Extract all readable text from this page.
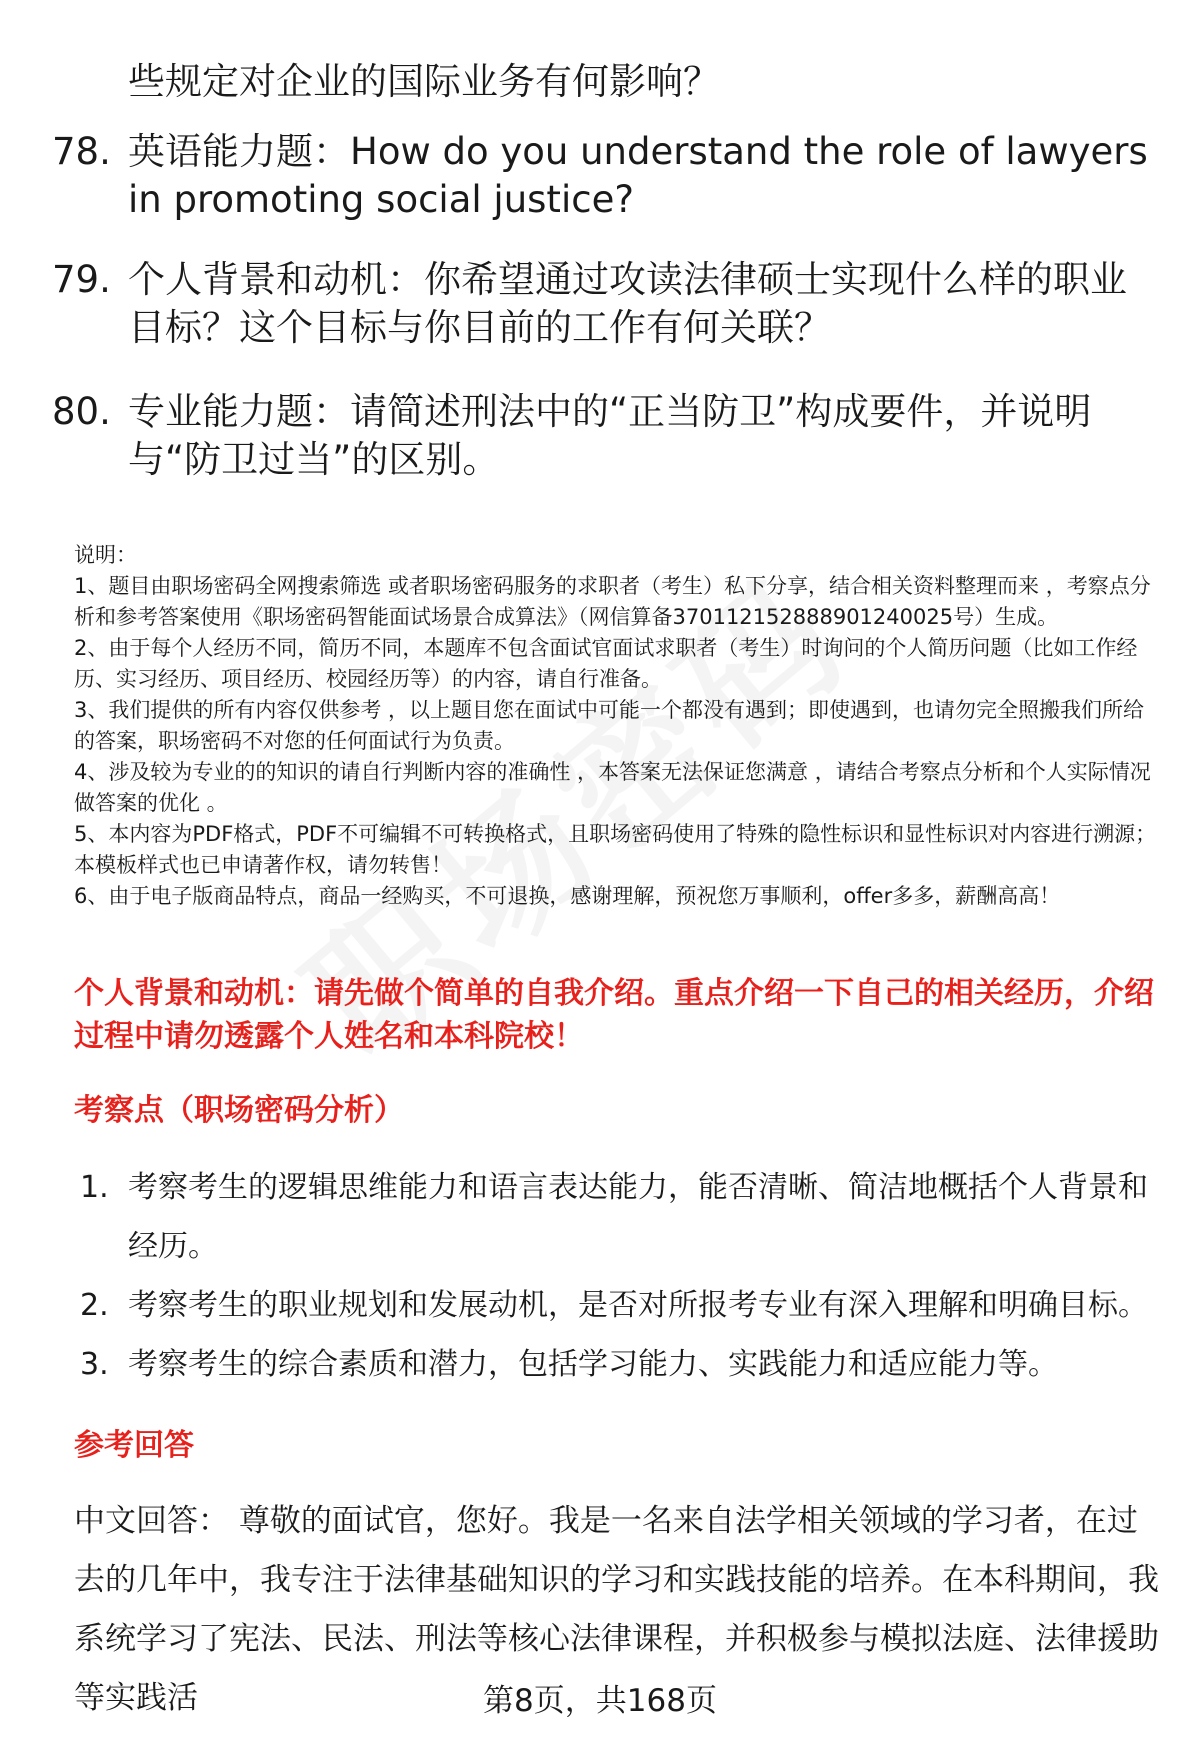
些规定对企业的国际业务有何影响？
78. 英语能力题：How do you understand the role of lawyers in promoting social justice?
79. 个人背景和动机：你希望通过攻读法律硕士实现什么样的职业目标？这个目标与你目前的工作有何关联？
80. 专业能力题：请简述刑法中的“正当防卫”构成要件，并说明与“防卫过当”的区别。

说明：

1、题目由职场密码全网搜索筛选 或者职场密码服务的求职者（考生）私下分享，结合相关资料整理而来 ，考察点分析和参考答案使用《职场密码智能面试场景合成算法》（网信算备370112152888901240025号）生成。

2、由于每个人经历不同，简历不同，本题库不包含面试官面试求职者（考生）时询问的个人简历问题（比如工作经历、实习经历、项目经历、校园经历等）的内容，请自行准备。

3、我们提供的所有内容仅供参考 ，以上题目您在面试中可能一个都没有遇到；即使遇到，也请勿完全照搬我们所给的答案，职场密码不对您的任何面试行为负责。

4、涉及较为专业的的知识的请自行判断内容的准确性 ，本答案无法保证您满意 ，请结合考察点分析和个人实际情况做答案的优化 。

5、本内容为PDF格式，PDF不可编辑不可转换格式，且职场密码使用了特殊的隐性标识和显性标识对内容进行溯源；本模板样式也已申请著作权，请勿转售！

6、由于电子版商品特点，商品一经购买，不可退换，感谢理解，预祝您万事顺利，offer多多，薪酬高高！

个人背景和动机：请先做个简单的自我介绍。重点介绍一下自己的相关经历，介绍过程中请勿透露个人姓名和本科院校！
考察点（职场密码分析）
1. 考察考生的逻辑思维能力和语言表达能力，能否清晰、简洁地概括个人背景和经历。
2. 考察考生的职业规划和发展动机，是否对所报考专业有深入理解和明确目标。
3. 考察考生的综合素质和潜力，包括学习能力、实践能力和适应能力等。
参考回答
中文回答： 尊敬的面试官，您好。我是一名来自法学相关领域的学习者，在过去的几年中，我专注于法律基础知识的学习和实践技能的培养。在本科期间，我系统学习了宪法、民法、刑法等核心法律课程，并积极参与模拟法庭、法律援助等实践活	第8页，共168页
